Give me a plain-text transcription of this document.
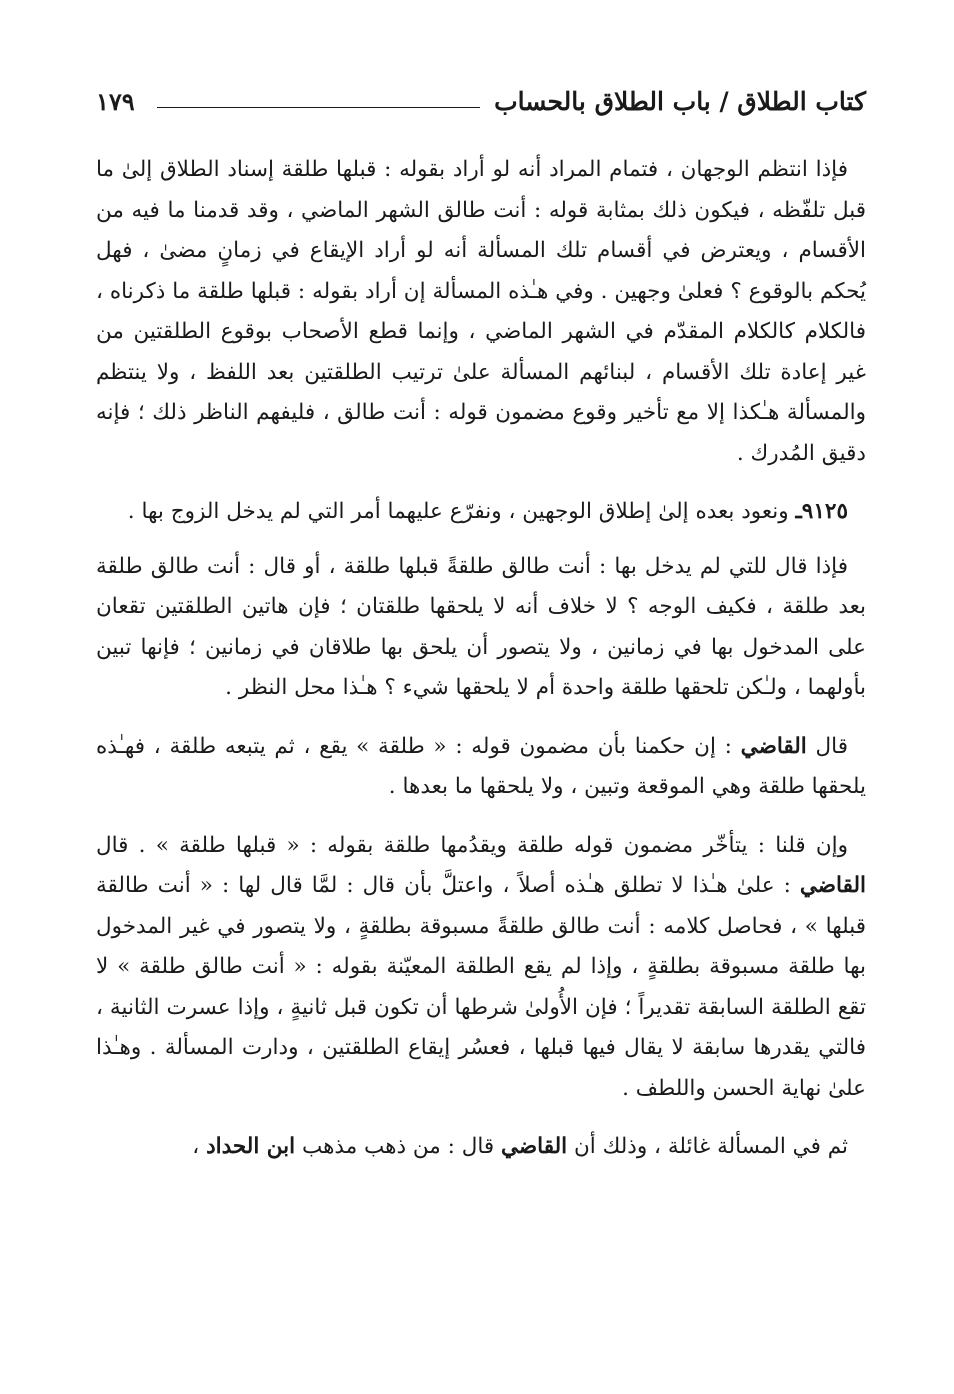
كتاب الطلاق / باب الطلاق بالحساب
١٧٩

فإذا انتظم الوجهان ، فتمام المراد أنه لو أراد بقوله : قبلها طلقة إسناد الطلاق إلىٰ ما قبل تلفّظه ، فيكون ذلك بمثابة قوله : أنت طالق الشهر الماضي ، وقد قدمنا ما فيه من الأقسام ، ويعترض في أقسام تلك المسألة أنه لو أراد الإيقاع في زمانٍ مضىٰ ، فهل يُحكم بالوقوع ؟ فعلىٰ وجهين . وفي هـٰذه المسألة إن أراد بقوله : قبلها طلقة ما ذكرناه ، فالكلام كالكلام المقدّم في الشهر الماضي ، وإنما قطع الأصحاب بوقوع الطلقتين من غير إعادة تلك الأقسام ، لبنائهم المسألة علىٰ ترتيب الطلقتين بعد اللفظ ، ولا ينتظم والمسألة هـٰكذا إلا مع تأخير وقوع مضمون قوله : أنت طالق ، فليفهم الناظر ذلك ؛ فإنه دقيق المُدرك .

٩١٢٥ـ ونعود بعده إلىٰ إطلاق الوجهين ، ونفرّع عليهما أمر التي لم يدخل الزوج بها .

فإذا قال للتي لم يدخل بها : أنت طالق طلقةً قبلها طلقة ، أو قال : أنت طالق طلقة بعد طلقة ، فكيف الوجه ؟ لا خلاف أنه لا يلحقها طلقتان ؛ فإن هاتين الطلقتين تقعان على المدخول بها في زمانين ، ولا يتصور أن يلحق بها طلاقان في زمانين ؛ فإنها تبين بأولهما ، ولـٰكن تلحقها طلقة واحدة أم لا يلحقها شيء ؟ هـٰذا محل النظر .

قال القاضي : إن حكمنا بأن مضمون قوله : « طلقة » يقع ، ثم يتبعه طلقة ، فهـٰذه يلحقها طلقة وهي الموقعة وتبين ، ولا يلحقها ما بعدها .

وإن قلنا : يتأخّر مضمون قوله طلقة ويقدُمها طلقة بقوله : « قبلها طلقة » . قال القاضي : علىٰ هـٰذا لا تطلق هـٰذه أصلاً ، واعتلَّ بأن قال : لمَّا قال لها : « أنت طالقة قبلها » ، فحاصل كلامه : أنت طالق طلقةً مسبوقة بطلقةٍ ، ولا يتصور في غير المدخول بها طلقة مسبوقة بطلقةٍ ، وإذا لم يقع الطلقة المعيّنة بقوله : « أنت طالق طلقة » لا تقع الطلقة السابقة تقديراً ؛ فإن الأُولىٰ شرطها أن تكون قبل ثانيةٍ ، وإذا عسرت الثانية ، فالتي يقدرها سابقة لا يقال فيها قبلها ، فعسُر إيقاع الطلقتين ، ودارت المسألة . وهـٰذا علىٰ نهاية الحسن واللطف .

ثم في المسألة غائلة ، وذلك أن القاضي قال : من ذهب مذهب ابن الحداد ،
